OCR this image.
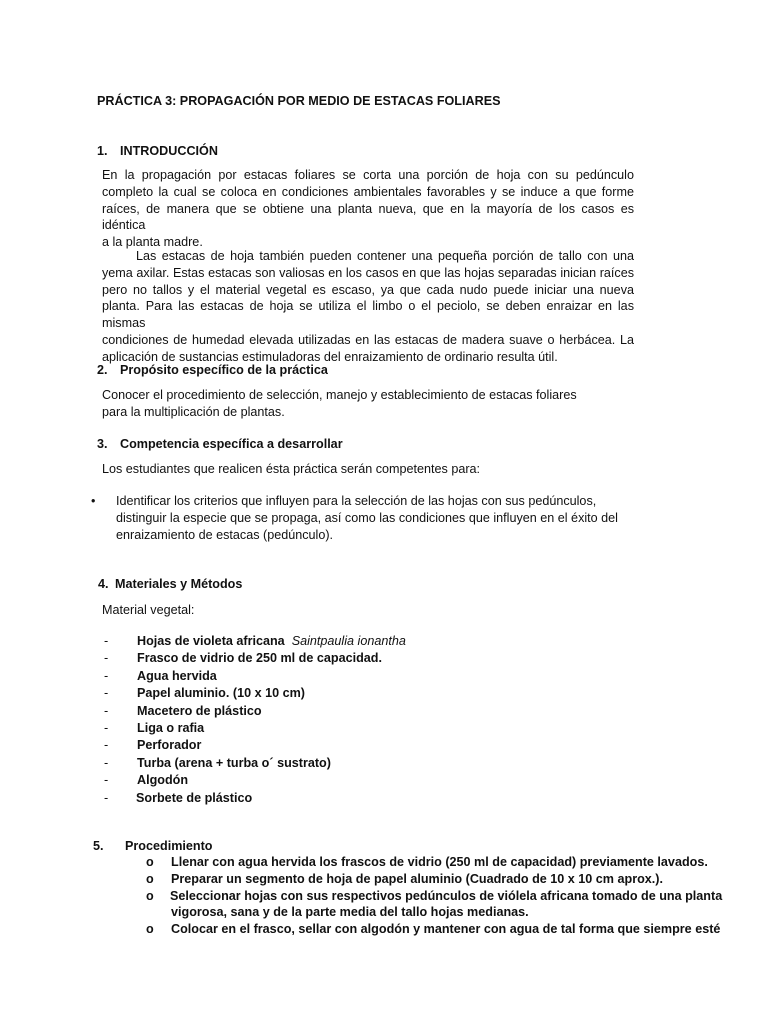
PRÁCTICA 3: PROPAGACIÓN POR MEDIO DE ESTACAS FOLIARES
1. INTRODUCCIÓN
En la propagación por estacas foliares se corta una porción de hoja con su pedúnculo
completo la cual se coloca en condiciones ambientales favorables y se induce a que forme
raíces, de manera que se obtiene una planta nueva, que en la mayoría de los casos es idéntica
a la planta madre.
Las estacas de hoja también pueden contener una pequeña porción de tallo con una
yema axilar. Estas estacas son valiosas en los casos en que las hojas separadas inician raíces
pero no tallos y el material vegetal es escaso, ya que cada nudo puede iniciar una nueva
planta. Para las estacas de hoja se utiliza el limbo o el peciolo, se deben enraizar en las mismas
condiciones de humedad elevada utilizadas en las estacas de madera suave o herbácea. La
aplicación de sustancias estimuladoras del enraizamiento de ordinario resulta útil.
2. Propósito específico de la práctica
Conocer el procedimiento de selección, manejo y establecimiento de estacas foliares
para la multiplicación de plantas.
3. Competencia específica a desarrollar
Los estudiantes que realicen ésta práctica serán competentes para:
• Identificar los criterios que influyen para la selección de las hojas con sus pedúnculos,
distinguir la especie que se propaga, así como las condiciones que influyen en el éxito del
enraizamiento de estacas (pedúnculo).
4. Materiales y Métodos
Material vegetal:
- Hojas de violeta africana Saintpaulia ionantha
- Frasco de vidrio de 250 ml de capacidad.
- Agua hervida
- Papel aluminio. (10 x 10 cm)
- Macetero de plástico
- Liga o rafia
- Perforador
- Turba (arena + turba o´ sustrato)
- Algodón
- Sorbete de plástico
5. Procedimiento
o Llenar con agua hervida los frascos de vidrio (250 ml de capacidad) previamente lavados.
o Preparar un segmento de hoja de papel aluminio (Cuadrado de 10 x 10 cm aprox.).
o Seleccionar hojas con sus respectivos pedúnculos de viólela africana tomado de una planta
vigorosa, sana y de la parte media del tallo hojas medianas.
o Colocar en el frasco, sellar con algodón y mantener con agua de tal forma que siempre esté
